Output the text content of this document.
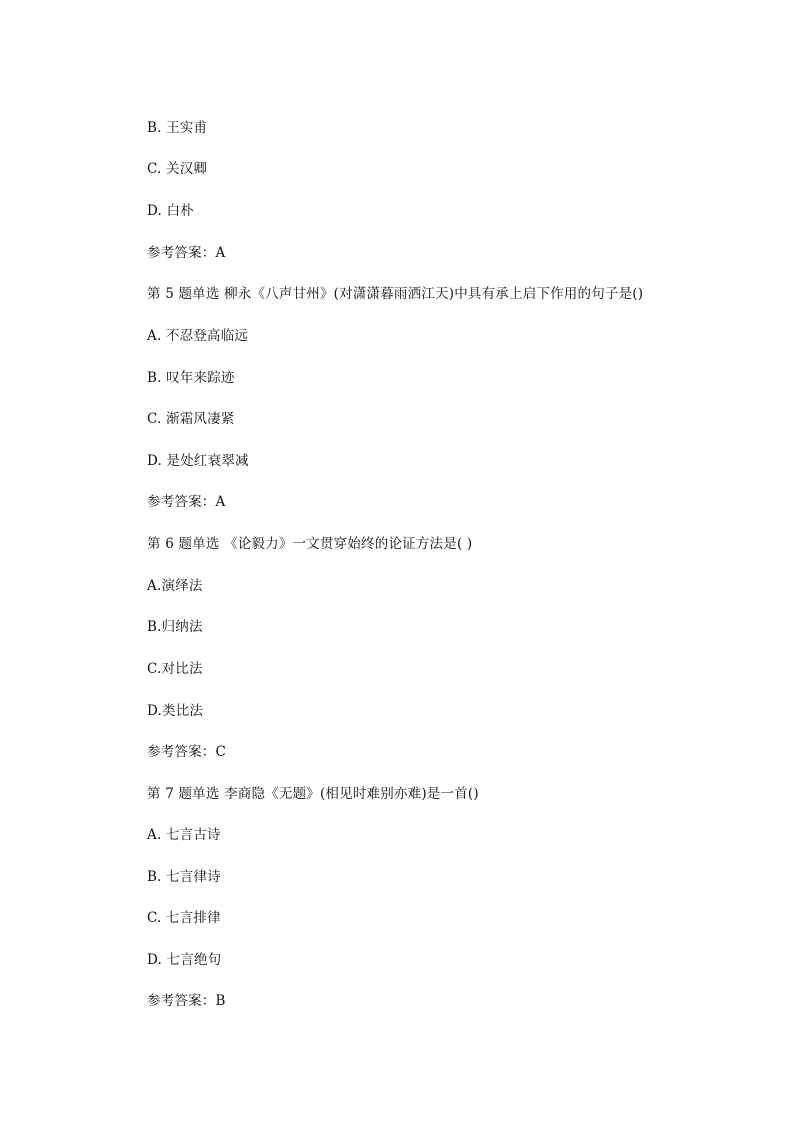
B. 王实甫
C. 关汉卿
D. 白朴
参考答案：A
第 5 题单选 柳永《八声甘州》(对潇潇暮雨洒江天)中具有承上启下作用的句子是()
A. 不忍登高临远
B. 叹年来踪迹
C. 渐霜风凄紧
D. 是处红衰翠减
参考答案：A
第 6 题单选 《论毅力》一文贯穿始终的论证方法是( )
A.演绎法
B.归纳法
C.对比法
D.类比法
参考答案：C
第 7 题单选 李商隐《无题》(相见时难别亦难)是一首()
A. 七言古诗
B. 七言律诗
C. 七言排律
D. 七言绝句
参考答案：B
